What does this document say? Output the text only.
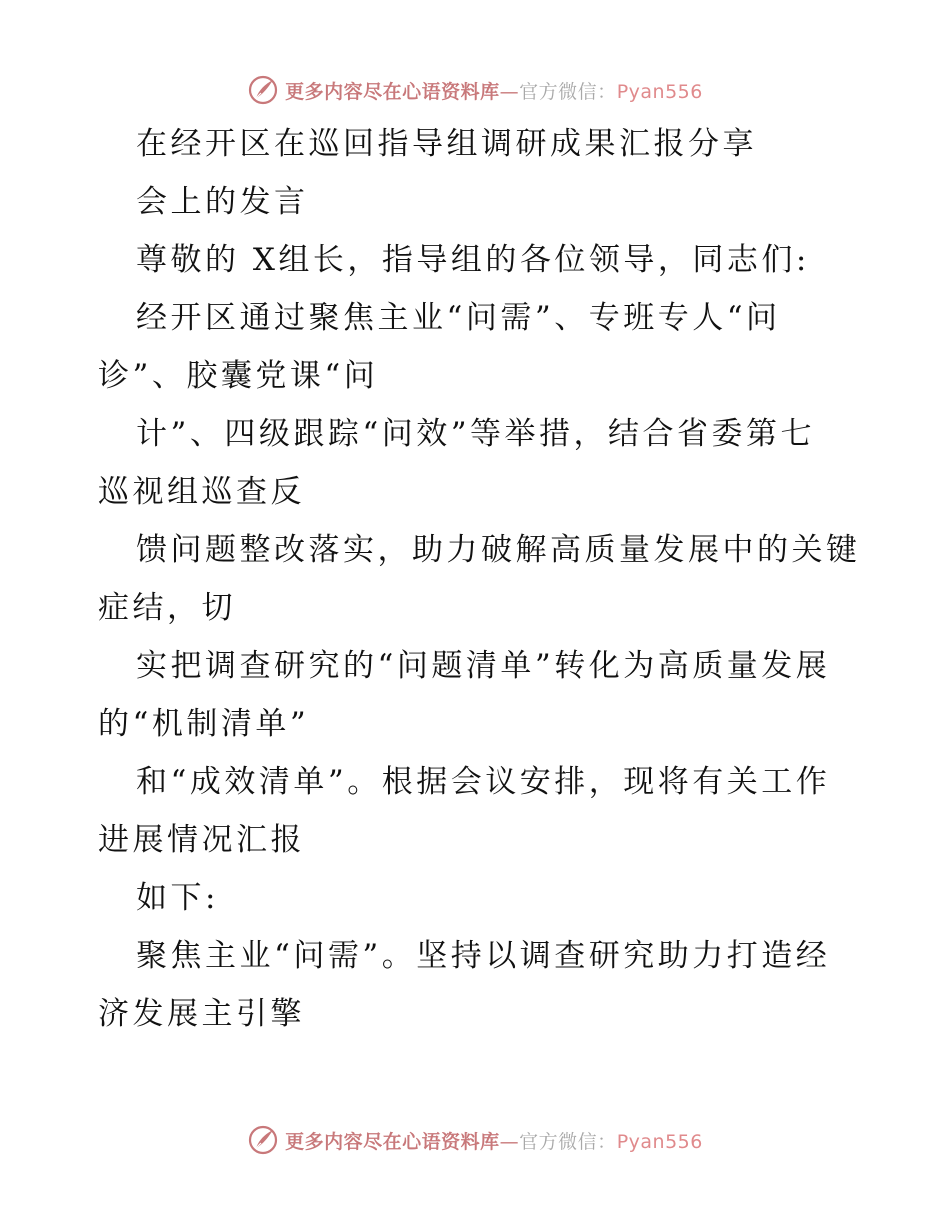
更多内容尽在心语资料库—官方微信：Pyan556
在经开区在巡回指导组调研成果汇报分享
会上的发言
尊敬的 X组长，指导组的各位领导，同志们:
经开区通过聚焦主业“问需”、专班专人“问
诊”、胶囊党课“问
计”、四级跟踪“问效”等举措，结合省委第七
巡视组巡查反
馈问题整改落实，助力破解高质量发展中的关键
症结，切
实把调查研究的“问题清单”转化为高质量发展
的“机制清单”
和“成效清单”。根据会议安排，现将有关工作
进展情况汇报
如下:
聚焦主业“问需”。坚持以调查研究助力打造经
济发展主引擎
更多内容尽在心语资料库—官方微信：Pyan556
